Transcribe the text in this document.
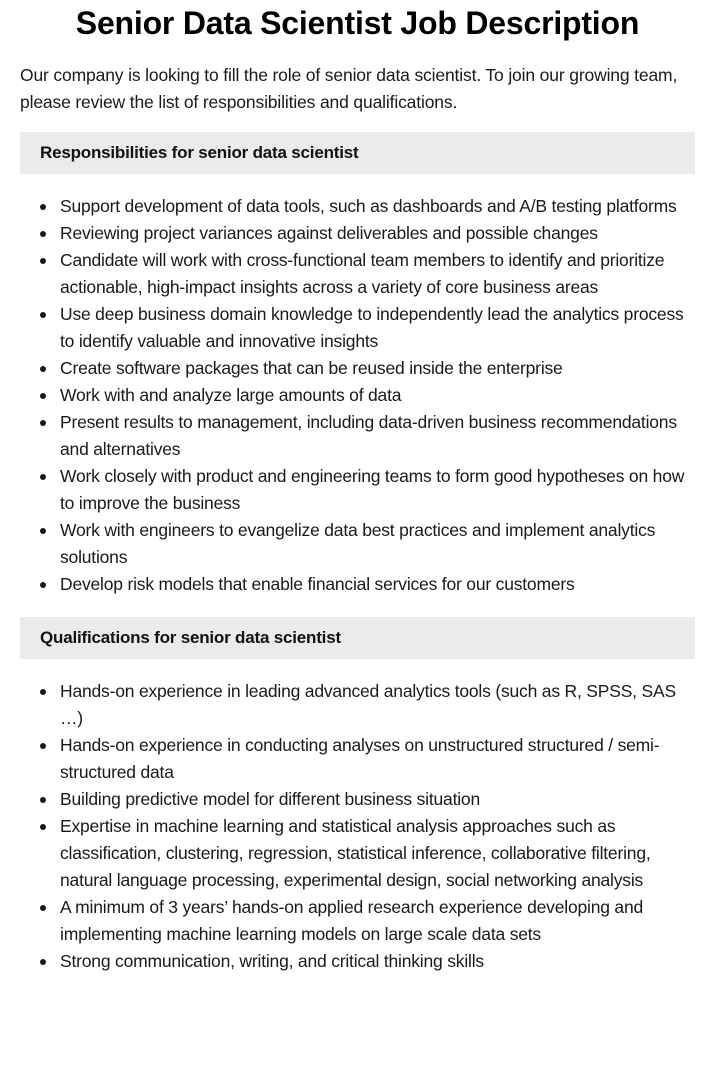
Senior Data Scientist Job Description

Our company is looking to fill the role of senior data scientist. To join our growing team, please review the list of responsibilities and qualifications.

Responsibilities for senior data scientist
Support development of data tools, such as dashboards and A/B testing platforms
Reviewing project variances against deliverables and possible changes
Candidate will work with cross-functional team members to identify and prioritize actionable, high-impact insights across a variety of core business areas
Use deep business domain knowledge to independently lead the analytics process to identify valuable and innovative insights
Create software packages that can be reused inside the enterprise
Work with and analyze large amounts of data
Present results to management, including data-driven business recommendations and alternatives
Work closely with product and engineering teams to form good hypotheses on how to improve the business
Work with engineers to evangelize data best practices and implement analytics solutions
Develop risk models that enable financial services for our customers
Qualifications for senior data scientist
Hands-on experience in leading advanced analytics tools (such as R, SPSS, SAS …)
Hands-on experience in conducting analyses on unstructured structured / semi-structured data
Building predictive model for different business situation
Expertise in machine learning and statistical analysis approaches such as classification, clustering, regression, statistical inference, collaborative filtering, natural language processing, experimental design, social networking analysis
A minimum of 3 years’ hands-on applied research experience developing and implementing machine learning models on large scale data sets
Strong communication, writing, and critical thinking skills
